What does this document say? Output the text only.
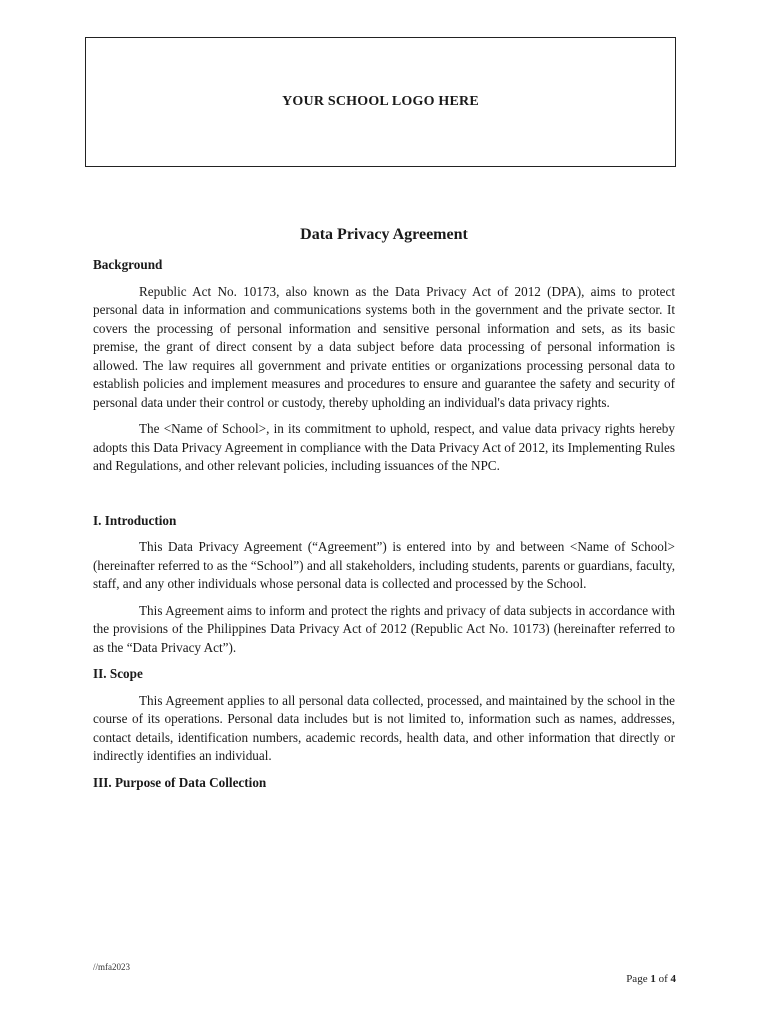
YOUR SCHOOL LOGO HERE
Data Privacy Agreement
Background

Republic Act No. 10173, also known as the Data Privacy Act of 2012 (DPA), aims to protect personal data in information and communications systems both in the government and the private sector. It covers the processing of personal information and sensitive personal information and sets, as its basic premise, the grant of direct consent by a data subject before data processing of personal information is allowed. The law requires all government and private entities or organizations processing personal data to establish policies and implement measures and procedures to ensure and guarantee the safety and security of personal data under their control or custody, thereby upholding an individual's data privacy rights.

The <Name of School>, in its commitment to uphold, respect, and value data privacy rights hereby adopts this Data Privacy Agreement in compliance with the Data Privacy Act of 2012, its Implementing Rules and Regulations, and other relevant policies, including issuances of the NPC.

I. Introduction

This Data Privacy Agreement (“Agreement”) is entered into by and between <Name of School> (hereinafter referred to as the “School”) and all stakeholders, including students, parents or guardians, faculty, staff, and any other individuals whose personal data is collected and processed by the School.

This Agreement aims to inform and protect the rights and privacy of data subjects in accordance with the provisions of the Philippines Data Privacy Act of 2012 (Republic Act No. 10173) (hereinafter referred to as the “Data Privacy Act”).

II. Scope

This Agreement applies to all personal data collected, processed, and maintained by the school in the course of its operations. Personal data includes but is not limited to, information such as names, addresses, contact details, identification numbers, academic records, health data, and other information that directly or indirectly identifies an individual.

III. Purpose of Data Collection
//mfa2023
Page 1 of 4
